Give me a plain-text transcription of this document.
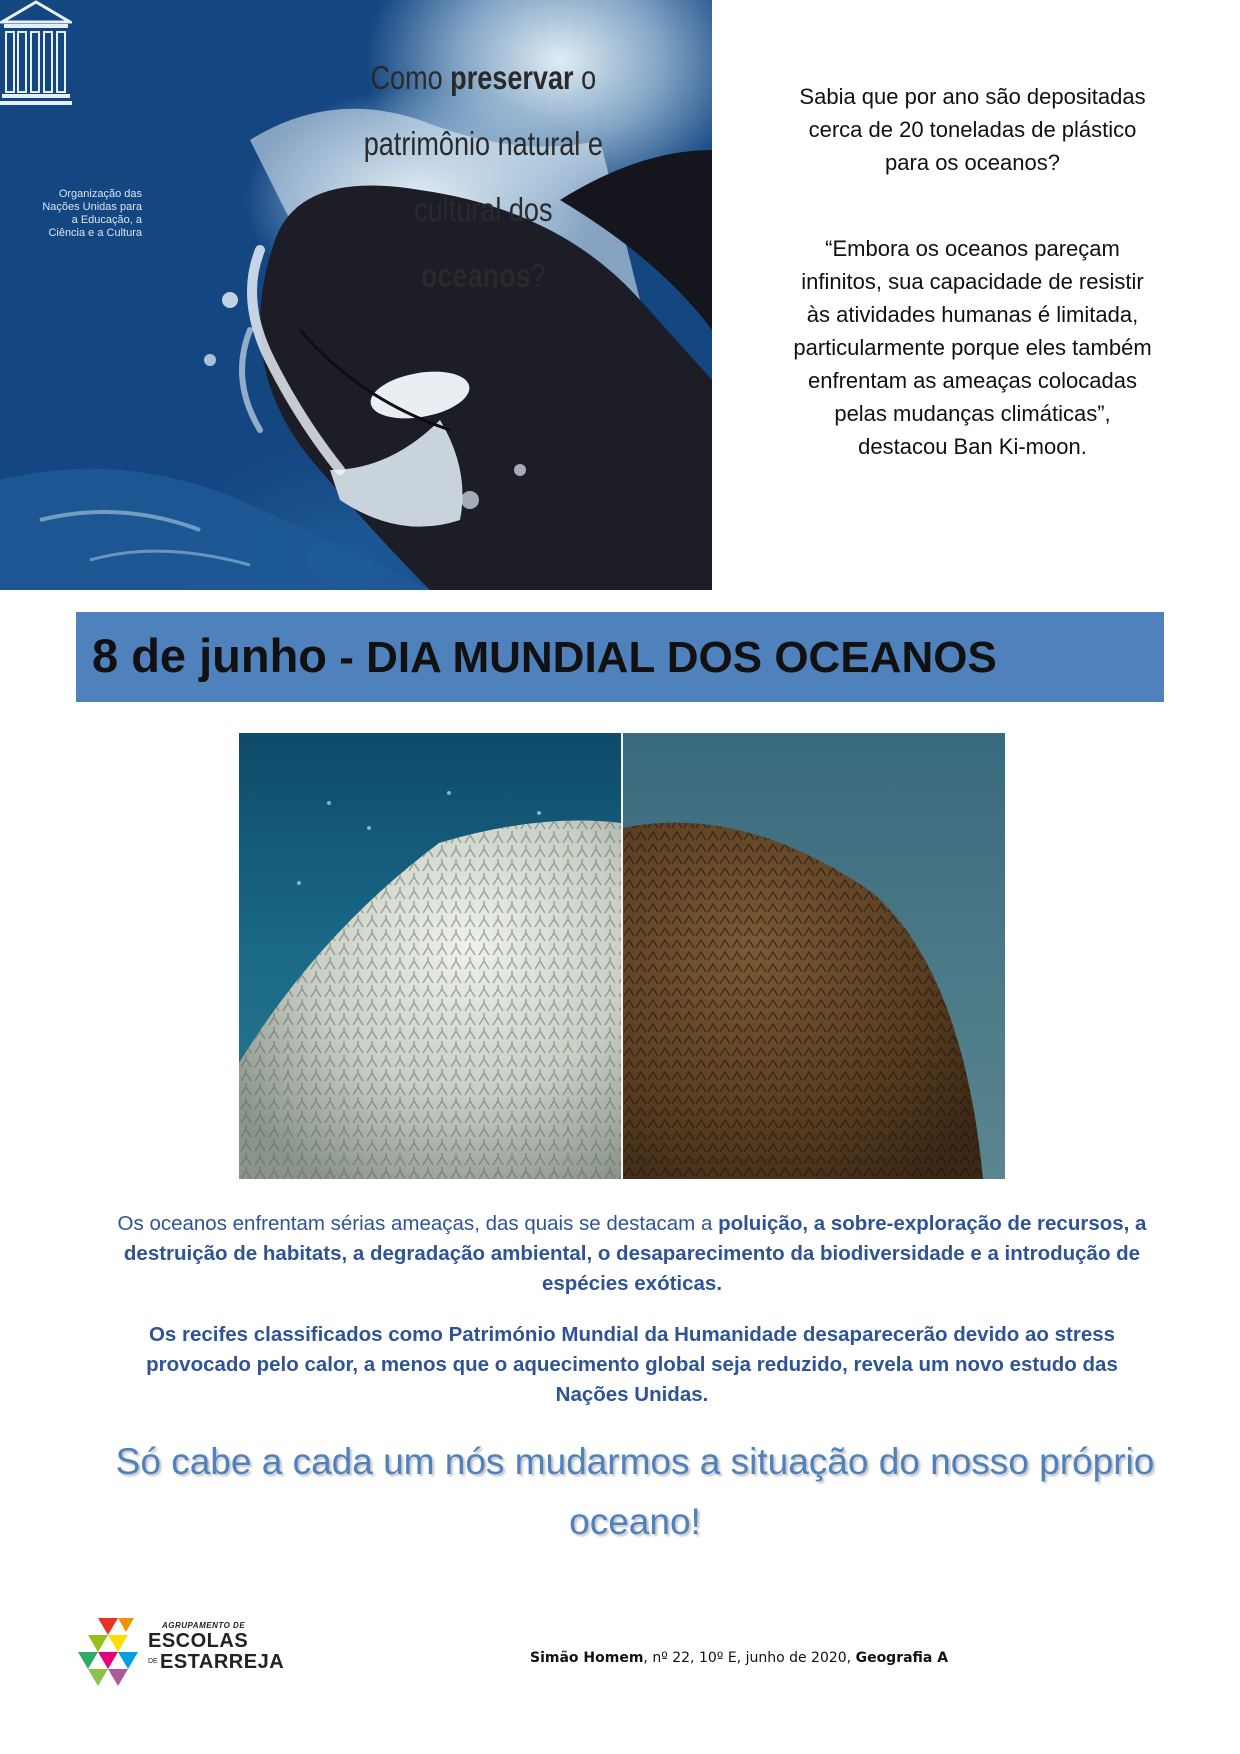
Organização das Nações Unidas para a Educação, a Ciência e a Cultura
Como preservar o
patrimônio natural e
cultural dos oceanos?
Sabia que por ano são depositadas cerca de 20 toneladas de plástico para os oceanos?
“Embora os oceanos pareçam infinitos, sua capacidade de resistir às atividades humanas é limitada, particularmente porque eles também enfrentam as ameaças colocadas pelas mudanças climáticas”, destacou Ban Ki-moon.
8 de junho - DIA MUNDIAL DOS OCEANOS
Os oceanos enfrentam sérias ameaças, das quais se destacam a poluição, a sobre-exploração de recursos, a destruição de habitats, a degradação ambiental, o desaparecimento da biodiversidade e a introdução de espécies exóticas.
Os recifes classificados como Património Mundial da Humanidade desaparecerão devido ao stress provocado pelo calor, a menos que o aquecimento global seja reduzido, revela um novo estudo das Nações Unidas.
Só cabe a cada um nós mudarmos a situação do nosso próprio oceano!
AGRUPAMENTO DE
ESCOLAS
DE ESTARREJA	Simão Homem, nº 22, 10º E, junho de 2020, Geografia A
